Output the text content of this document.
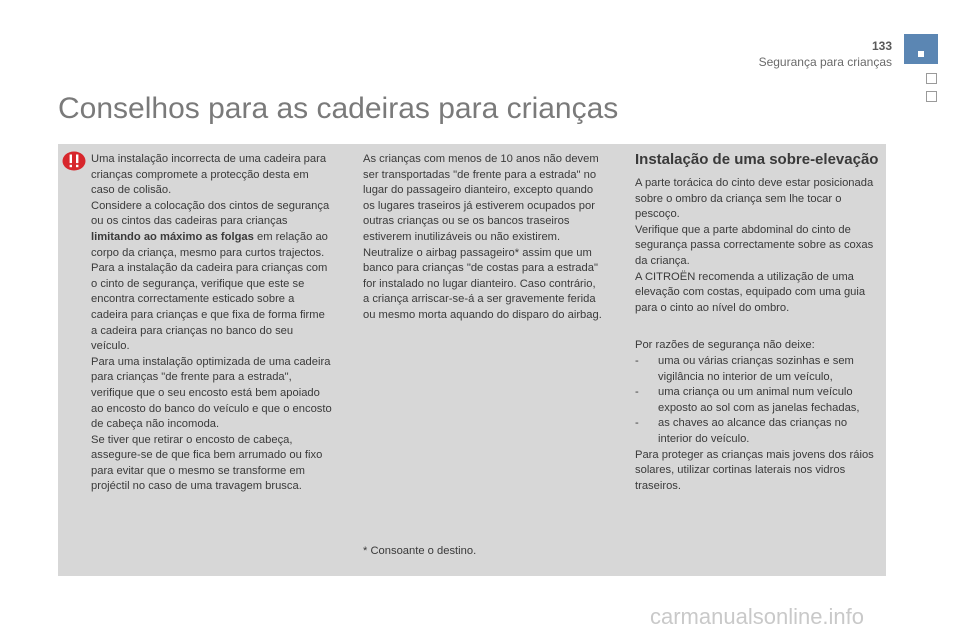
133
Segurança para crianças
Conselhos para as cadeiras para crianças

Uma instalação incorrecta de uma cadeira para crianças compromete a protecção desta em caso de colisão.

Considere a colocação dos cintos de segurança ou os cintos das cadeiras para crianças limitando ao máximo as folgas em relação ao corpo da criança, mesmo para curtos trajectos.

Para a instalação da cadeira para crianças com o cinto de segurança, verifique que este se encontra correctamente esticado sobre a cadeira para crianças e que fixa de forma firme a cadeira para crianças no banco do seu veículo.

Para uma instalação optimizada de uma cadeira para crianças "de frente para a estrada", verifique que o seu encosto está bem apoiado ao encosto do banco do veículo e que o encosto de cabeça não incomoda.

Se tiver que retirar o encosto de cabeça, assegure-se de que fica bem arrumado ou fixo para evitar que o mesmo se transforme em projéctil no caso de uma travagem brusca.

As crianças com menos de 10 anos não devem ser transportadas "de frente para a estrada" no lugar do passageiro dianteiro, excepto quando os lugares traseiros já estiverem ocupados por outras crianças ou se os bancos traseiros estiverem inutilizáveis ou não existirem.

Neutralize o airbag passageiro* assim que um banco para crianças "de costas para a estrada" for instalado no lugar dianteiro. Caso contrário, a criança arriscar-se-á a ser gravemente ferida ou mesmo morta aquando do disparo do airbag.

* Consoante o destino.
Instalação de uma sobre-elevação

A parte torácica do cinto deve estar posicionada sobre o ombro da criança sem lhe tocar o pescoço.

Verifique que a parte abdominal do cinto de segurança passa correctamente sobre as coxas da criança.

A CITROËN recomenda a utilização de uma elevação com costas, equipado com uma guia para o cinto ao nível do ombro.

Por razões de segurança não deixe:

- uma ou várias crianças sozinhas e sem vigilância no interior de um veículo,

- uma criança ou um animal num veículo exposto ao sol com as janelas fechadas,

- as chaves ao alcance das crianças no interior do veículo.

Para proteger as crianças mais jovens dos ráios solares, utilizar cortinas laterais nos vidros traseiros.

carmanualsonline.info
